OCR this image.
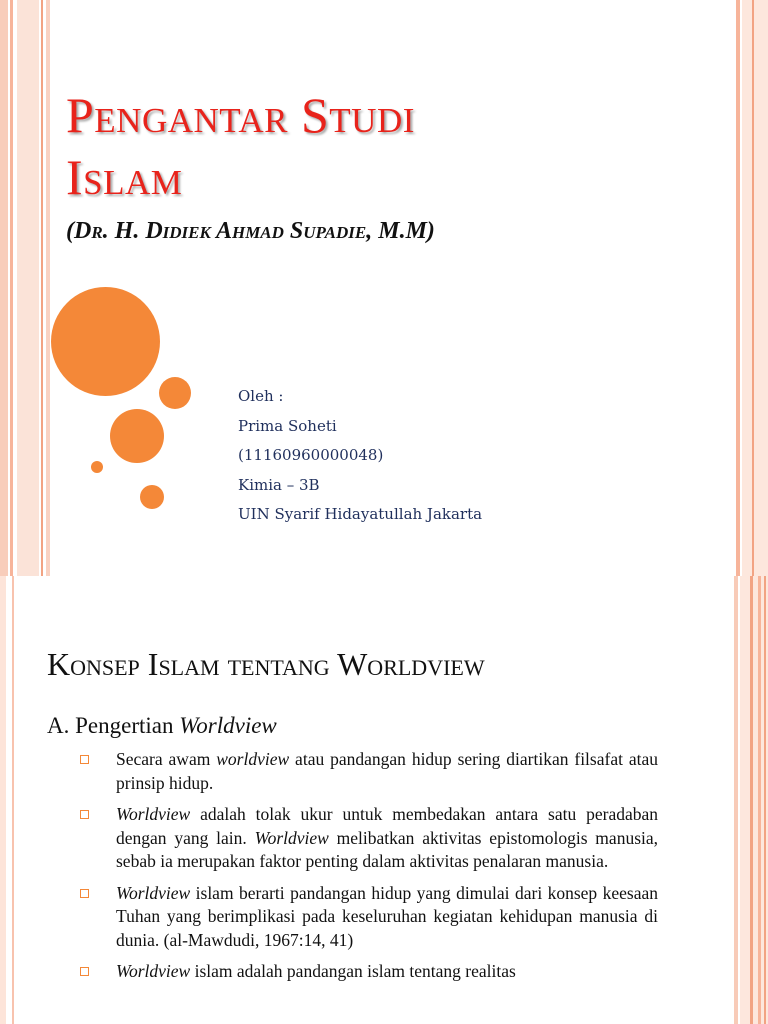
Pengantar Studi
Islam
(Dr. H. Didiek Ahmad Supadie, M.M)
Oleh :
Prima Soheti
(11160960000048)
Kimia – 3B
UIN Syarif Hidayatullah Jakarta
Konsep Islam tentang Worldview
A. Pengertian Worldview
Secara awam worldview atau pandangan hidup sering diartikan filsafat atau prinsip hidup.
Worldview adalah tolak ukur untuk membedakan antara satu peradaban dengan yang lain. Worldview melibatkan aktivitas epistomologis manusia, sebab ia merupakan faktor penting dalam aktivitas penalaran manusia.
Worldview islam berarti pandangan hidup yang dimulai dari konsep keesaan Tuhan yang berimplikasi pada keseluruhan kegiatan kehidupan manusia di dunia. (al-Mawdudi, 1967:14, 41)
Worldview islam adalah pandangan islam tentang realitas
